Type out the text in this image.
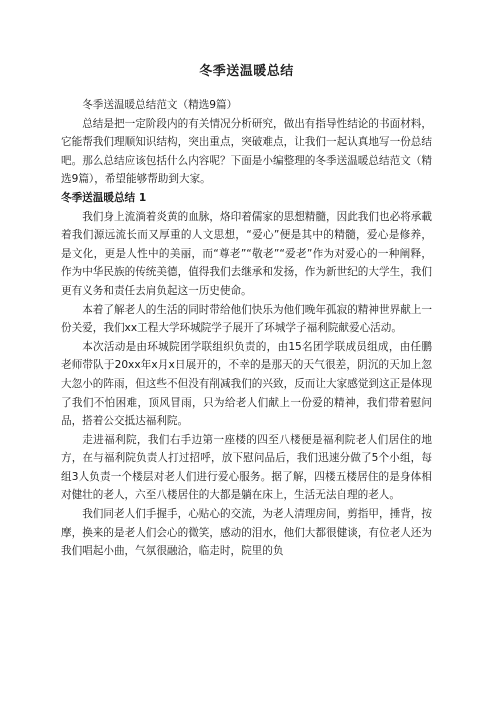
冬季送温暖总结

冬季送温暖总结范文（精选9篇）

总结是把一定阶段内的有关情况分析研究，做出有指导性结论的书面材料，它能帮我们理顺知识结构，突出重点，突破难点，让我们一起认真地写一份总结吧。那么总结应该包括什么内容呢？下面是小编整理的冬季送温暖总结范文（精选9篇），希望能够帮助到大家。

冬季送温暖总结 1

我们身上流淌着炎黄的血脉，烙印着儒家的思想精髓，因此我们也必将承載着我们源远流长而又厚重的人文思想，“爱心”便是其中的精髓，爱心是修养，是文化，更是人性中的美丽，而“尊老”“敬老”“爱老”作为对爱心的一种阐释，作为中华民族的传统美德，值得我们去继承和发扬，作为新世纪的大学生，我们更有义务和责任去肩负起这一历史使命。

本着了解老人的生活的同时带给他们快乐为他们晚年孤寂的精神世界献上一份关爱，我们xx工程大学环城院学子展开了环城学子福利院献爱心活动。

本次活动是由环城院团学联组织负责的，由15名团学联成员组成，由任鹏老师带队于20xx年x月x日展开的，不幸的是那天的天气很差，阴沉的天加上忽大忽小的阵雨，但这些不但没有削减我们的兴致，反而让大家感觉到这正是体现了我们不怕困难，顶风冒雨，只为给老人们献上一份爱的精神，我们带着慰问品，搭着公交抵达福利院。

走进福利院，我们右手边第一座楼的四至八楼便是福利院老人们居住的地方，在与福利院负责人打过招呼，放下慰问品后，我们迅速分做了5个小组，每组3人负责一个楼层对老人们进行爱心服务。据了解，四楼五楼居住的是身体相对健壮的老人，六至八楼居住的大都是躺在床上，生活无法自理的老人。

我们同老人们手握手，心贴心的交流，为老人清理房间，剪指甲，捶背，按摩，换来的是老人们会心的微笑，感动的泪水，他们大都很健谈，有位老人还为我们唱起小曲，气氛很融洽，临走时，院里的负
